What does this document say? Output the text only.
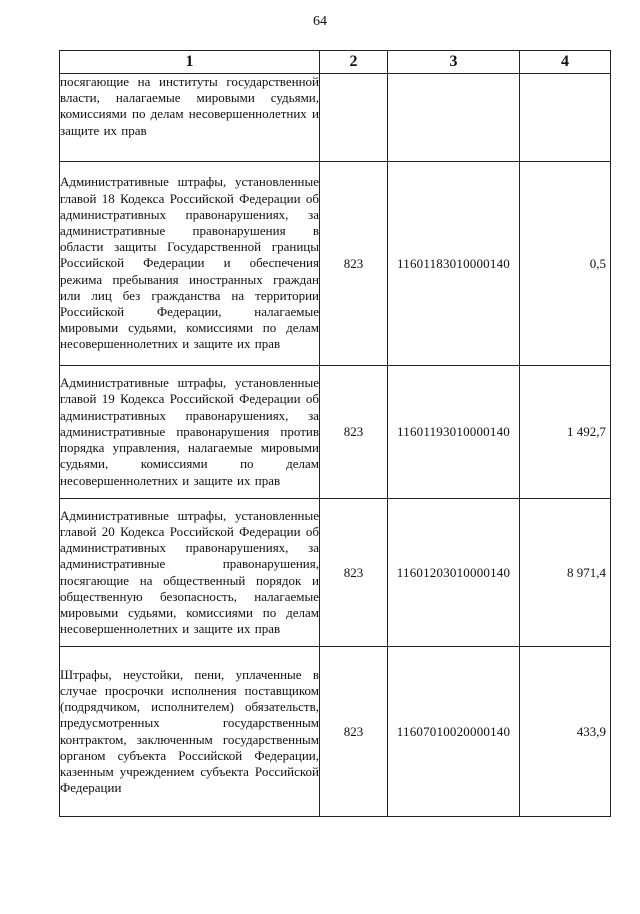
64
1	2	3	4
посягающие на институты государственной власти, налагаемые мировыми судьями, комиссиями по делам несовершеннолетних и защите их прав			
Административные штрафы, установленные главой 18 Кодекса Российской Федерации об административных правонарушениях, за административные правонарушения в области защиты Государственной границы Российской Федерации и обеспечения режима пребывания иностранных граждан или лиц без гражданства на территории Российской Федерации, налагаемые мировыми судьями, комиссиями по делам несовершеннолетних и защите их прав	823	11601183010000140	0,5
Административные штрафы, установленные главой 19 Кодекса Российской Федерации об административных правонарушениях, за административные правонарушения против порядка управления, налагаемые мировыми судьями, комиссиями по делам несовершеннолетних и защите их прав	823	11601193010000140	1 492,7
Административные штрафы, установленные главой 20 Кодекса Российской Федерации об административных правонарушениях, за административные правонарушения, посягающие на общественный порядок и общественную безопасность, налагаемые мировыми судьями, комиссиями по делам несовершеннолетних и защите их прав	823	11601203010000140	8 971,4
Штрафы, неустойки, пени, уплаченные в случае просрочки исполнения поставщиком (подрядчиком, исполнителем) обязательств, предусмотренных государственным контрактом, заключенным государственным органом субъекта Российской Федерации, казенным учреждением субъекта Российской Федерации	823	11607010020000140	433,9
